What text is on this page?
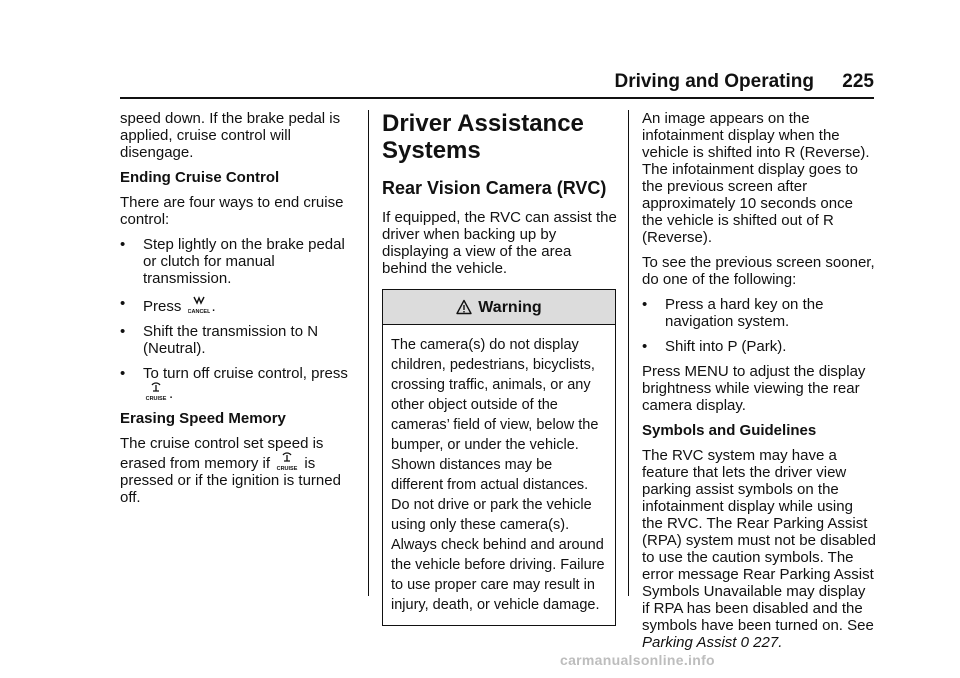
Driving and Operating 225

speed down. If the brake pedal is applied, cruise control will disengage.

Ending Cruise Control

There are four ways to end cruise control:

• Step lightly on the brake pedal or clutch for manual transmission.
• Press CANCEL .
• Shift the transmission to N (Neutral).
• To turn off cruise control, press
CRUISE .

Erasing Speed Memory

The cruise control set speed is erased from memory if CRUISE is pressed or if the ignition is turned off.

Driver Assistance Systems
Rear Vision Camera (RVC)

If equipped, the RVC can assist the driver when backing up by displaying a view of the area behind the vehicle.

Warning
The camera(s) do not display children, pedestrians, bicyclists, crossing traffic, animals, or any other object outside of the cameras’ field of view, below the bumper, or under the vehicle. Shown distances may be different from actual distances. Do not drive or park the vehicle using only these camera(s). Always check behind and around the vehicle before driving. Failure to use proper care may result in injury, death, or vehicle damage.

An image appears on the infotainment display when the vehicle is shifted into R (Reverse). The infotainment display goes to the previous screen after approximately 10 seconds once the vehicle is shifted out of R (Reverse).

To see the previous screen sooner, do one of the following:

• Press a hard key on the navigation system.
• Shift into P (Park).

Press MENU to adjust the display brightness while viewing the rear camera display.

Symbols and Guidelines

The RVC system may have a feature that lets the driver view parking assist symbols on the infotainment display while using the RVC. The Rear Parking Assist (RPA) system must not be disabled to use the caution symbols. The error message Rear Parking Assist Symbols Unavailable may display if RPA has been disabled and the symbols have been turned on. See Parking Assist 0 227.

carmanualsonline.info
